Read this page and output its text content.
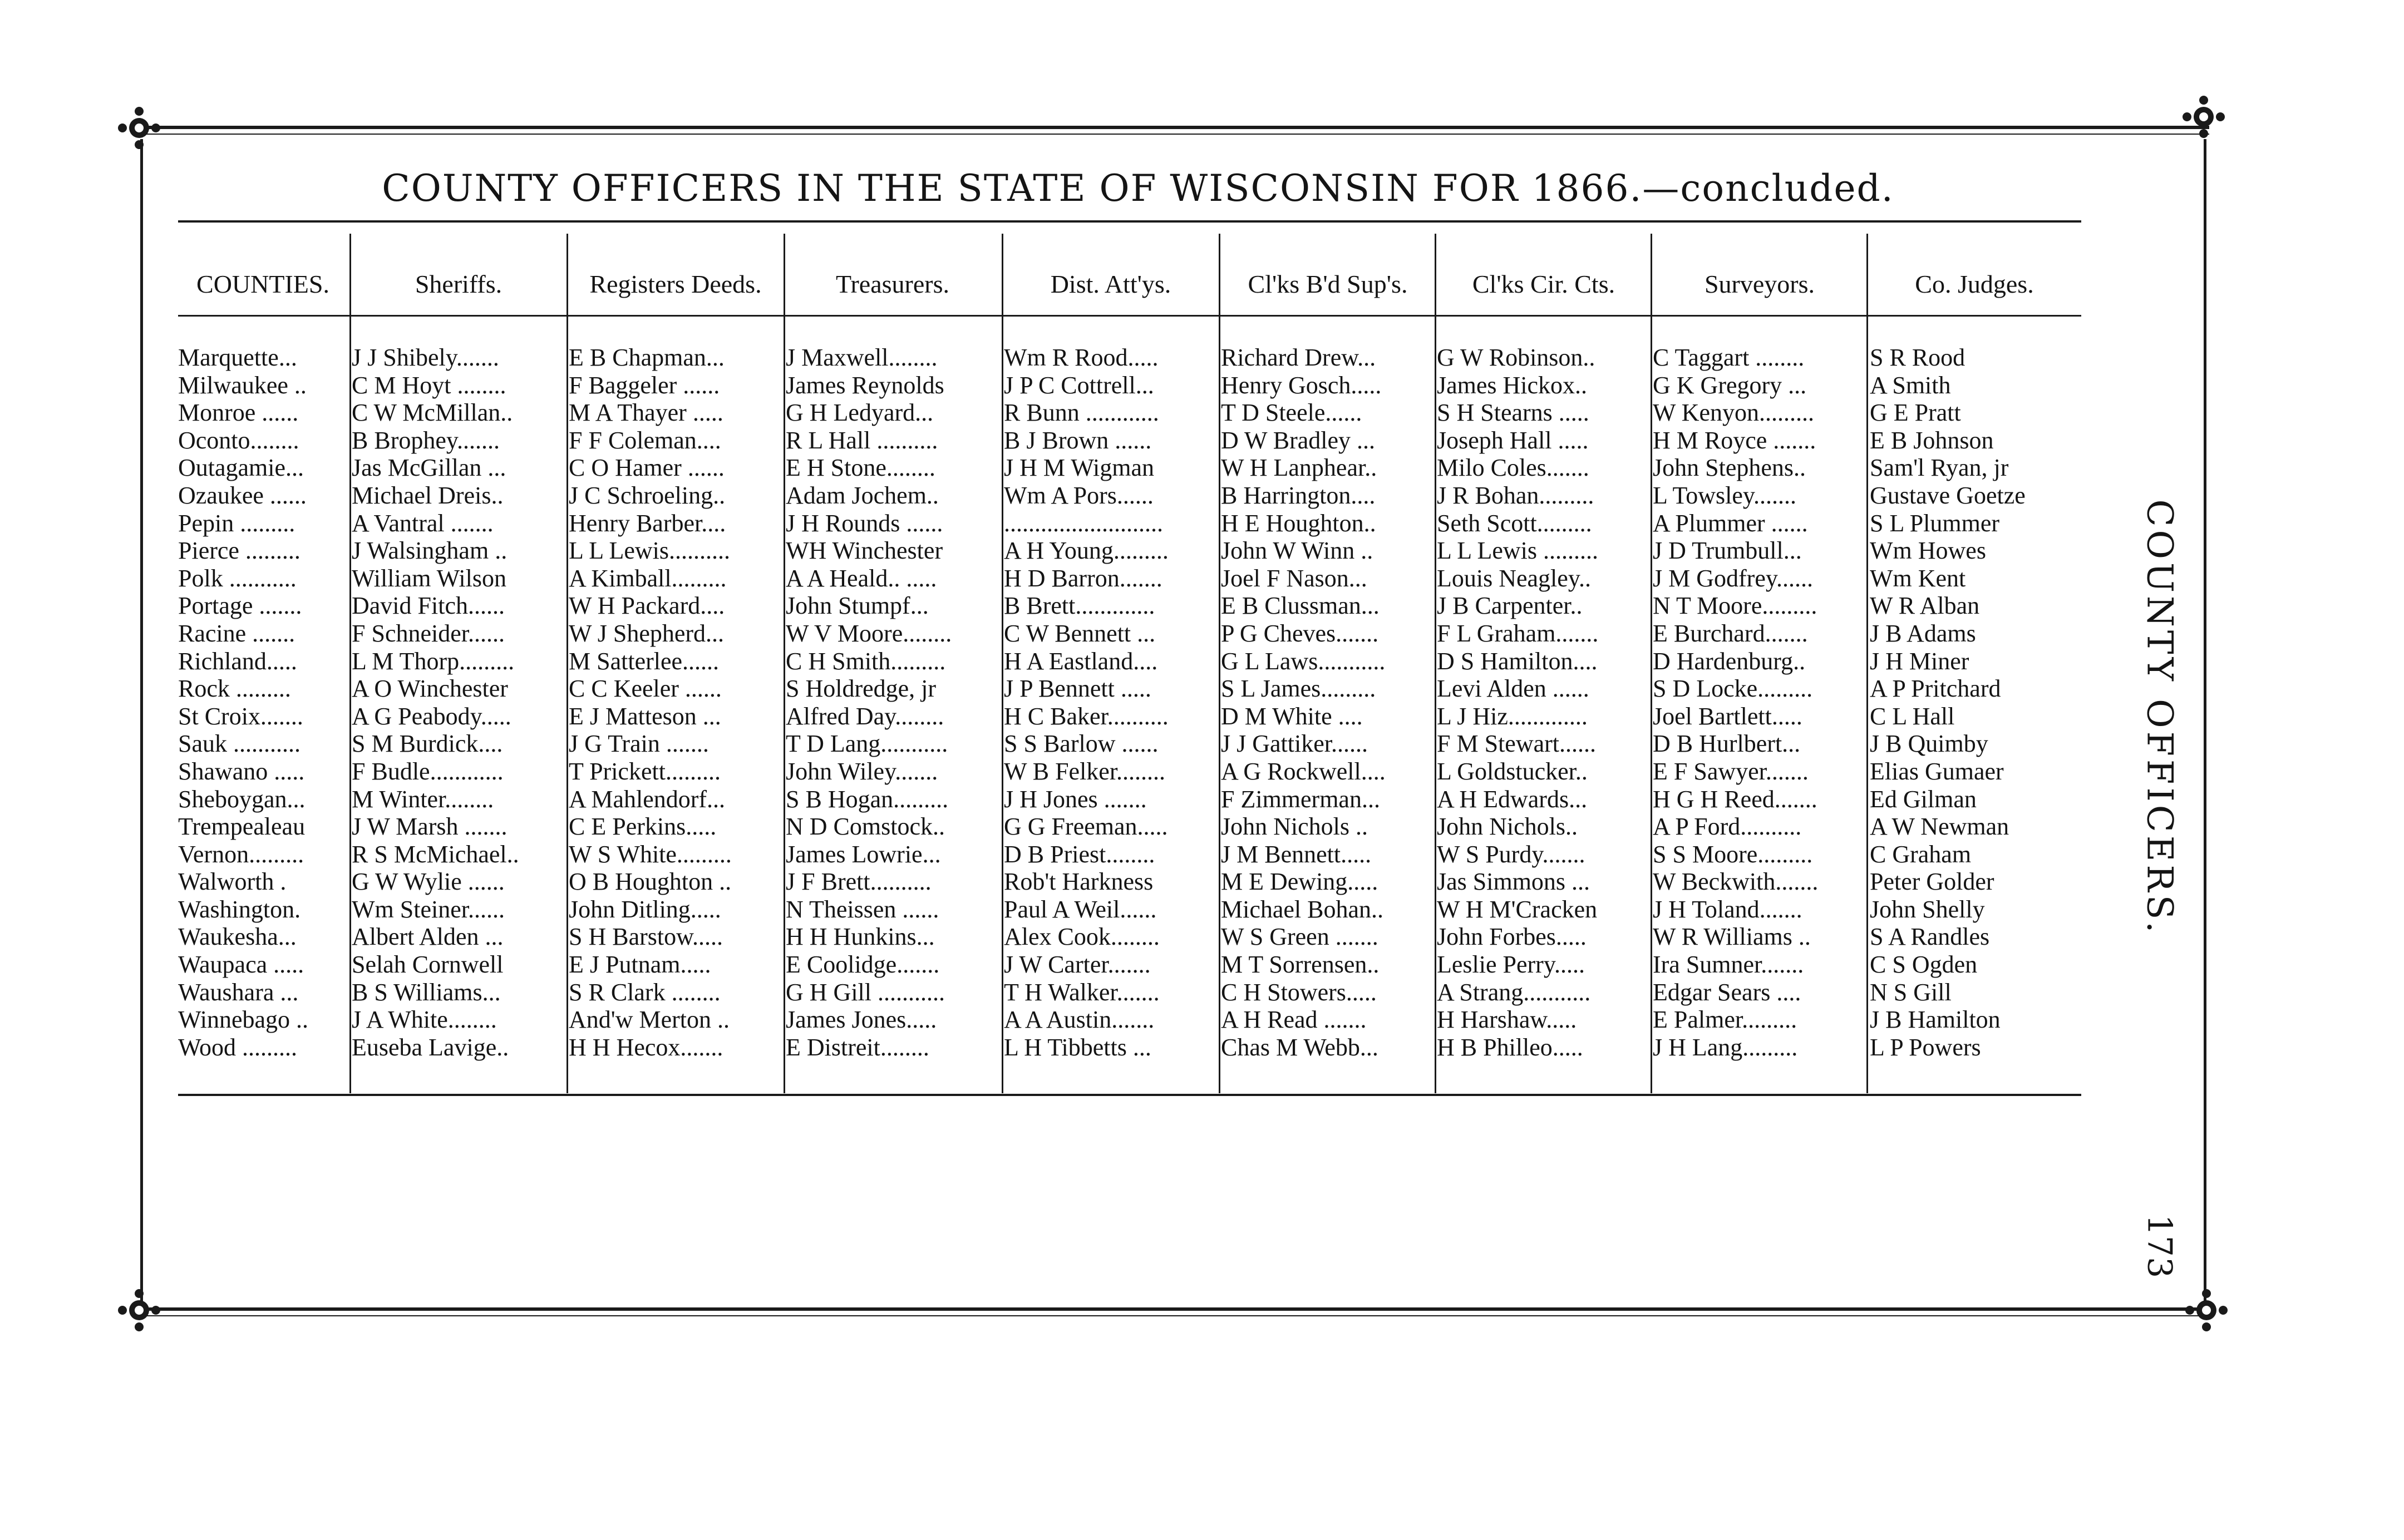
COUNTY OFFICERS IN THE STATE OF WISCONSIN FOR 1866.—concluded.
COUNTIES.	Sheriffs.	Registers Deeds.	Treasurers.	Dist. Att'ys.	Cl'ks B'd Sup's.	Cl'ks Cir. Cts.	Surveyors.	Co. Judges.
Marquette...	J J Shibely.......	E B Chapman...	J Maxwell........	Wm R Rood.....	Richard Drew...	G W Robinson..	C Taggart ........	S R Rood
Milwaukee ..	C M Hoyt ........	F Baggeler ......	James Reynolds	J P C Cottrell...	Henry Gosch.....	James Hickox..	G K Gregory ...	A Smith
Monroe ......	C W McMillan..	M A Thayer .....	G H Ledyard...	R Bunn ............	T D Steele......	S H Stearns .....	W Kenyon.........	G E Pratt
Oconto........	B Brophey.......	F F Coleman....	R L Hall ..........	B J Brown ......	D W Bradley ...	Joseph Hall .....	H M Royce .......	E B Johnson
Outagamie...	Jas McGillan ...	C O Hamer ......	E H Stone........	J H M Wigman	W H Lanphear..	Milo Coles.......	John Stephens..	Sam'l Ryan, jr
Ozaukee ......	Michael Dreis..	J C Schroeling..	Adam Jochem..	Wm A Pors......	B Harrington....	J R Bohan.........	L Towsley.......	Gustave Goetze
Pepin .........	A Vantral .......	Henry Barber....	J H Rounds ......	..........................	H E Houghton..	Seth Scott.........	A Plummer ......	S L Plummer
Pierce .........	J Walsingham ..	L L Lewis..........	WH Winchester	A H Young.........	John W Winn ..	L L Lewis .........	J D Trumbull...	Wm Howes
Polk ...........	William Wilson	A Kimball.........	A A Heald.. .....	H D Barron.......	Joel F Nason...	Louis Neagley..	J M Godfrey......	Wm Kent
Portage .......	David Fitch......	W H Packard....	John Stumpf...	B Brett.............	E B Clussman...	J B Carpenter..	N T Moore.........	W R Alban
Racine .......	F Schneider......	W J Shepherd...	W V Moore........	C W Bennett ...	P G Cheves.......	F L Graham.......	E Burchard.......	J B Adams
Richland.....	L M Thorp.........	M Satterlee......	C H Smith.........	H A Eastland....	G L Laws...........	D S Hamilton....	D Hardenburg..	J H Miner
Rock .........	A O Winchester	C C Keeler ......	S Holdredge, jr	J P Bennett .....	S L James.........	Levi Alden ......	S D Locke.........	A P Pritchard
St Croix.......	A G Peabody.....	E J Matteson ...	Alfred Day........	H C Baker..........	D M White ....	L J Hiz.............	Joel Bartlett.....	C L Hall
Sauk ...........	S M Burdick....	J G Train .......	T D Lang...........	S S Barlow ......	J J Gattiker......	F M Stewart......	D B Hurlbert...	J B Quimby
Shawano .....	F Budle............	T Prickett.........	John Wiley.......	W B Felker........	A G Rockwell....	L Goldstucker..	E F Sawyer.......	Elias Gumaer
Sheboygan...	M Winter........	A Mahlendorf...	S B Hogan.........	J H Jones .......	F Zimmerman...	A H Edwards...	H G H Reed.......	Ed Gilman
Trempealeau	J W Marsh .......	C E Perkins.....	N D Comstock..	G G Freeman.....	John Nichols ..	John Nichols..	A P Ford..........	A W Newman
Vernon.........	R S McMichael..	W S White.........	James Lowrie...	D B Priest........	J M Bennett.....	W S Purdy.......	S S Moore.........	C Graham
Walworth .	G W Wylie ......	O B Houghton ..	J F Brett..........	Rob't Harkness	M E Dewing.....	Jas Simmons ...	W Beckwith.......	Peter Golder
Washington.	Wm Steiner......	John Ditling.....	N Theissen ......	Paul A Weil......	Michael Bohan..	W H M'Cracken	J H Toland.......	John Shelly
Waukesha...	Albert Alden ...	S H Barstow.....	H H Hunkins...	Alex Cook........	W S Green .......	John Forbes.....	W R Williams ..	S A Randles
Waupaca .....	Selah Cornwell	E J Putnam.....	E Coolidge.......	J W Carter.......	M T Sorrensen..	Leslie Perry.....	Ira Sumner.......	C S Ogden
Waushara ...	B S Williams...	S R Clark ........	G H Gill ...........	T H Walker.......	C H Stowers.....	A Strang...........	Edgar Sears ....	N S Gill
Winnebago ..	J A White........	And'w Merton ..	James Jones.....	A A Austin.......	A H Read .......	H Harshaw.....	E Palmer.........	J B Hamilton
Wood .........	Euseba Lavige..	H H Hecox.......	E Distreit........	L H Tibbetts ...	Chas M Webb...	H B Philleo.....	J H Lang.........	L P Powers
COUNTY OFFICERS.
173
